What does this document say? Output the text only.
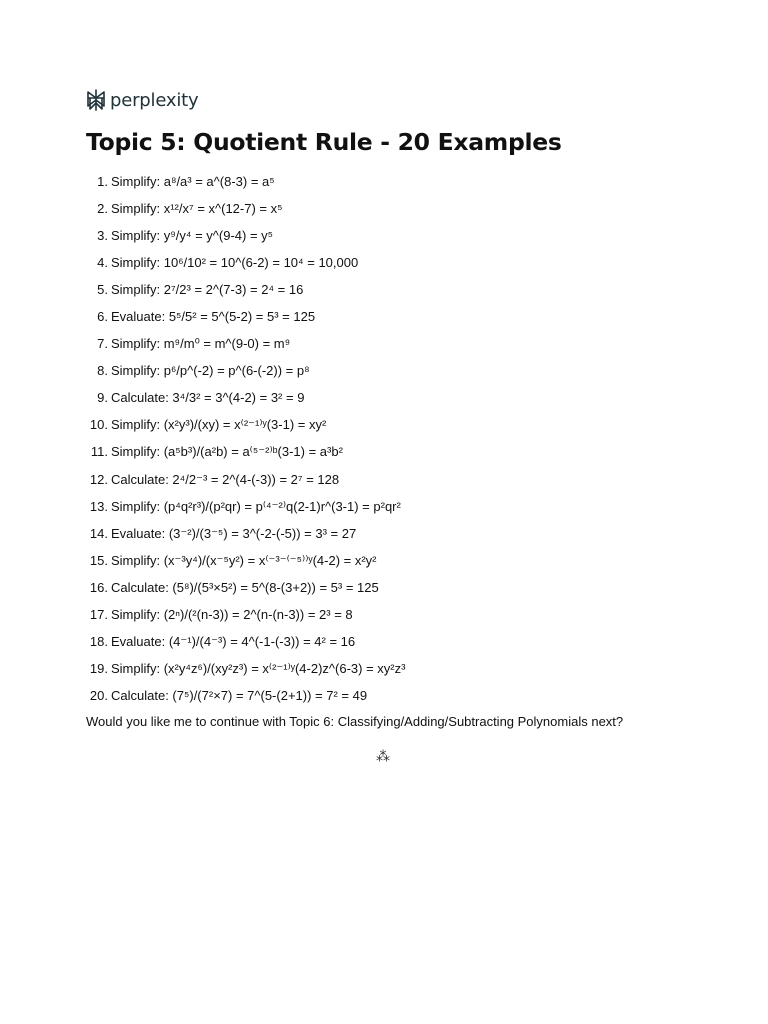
perplexity
Topic 5: Quotient Rule - 20 Examples
1. Simplify: a⁸/a³ = a^(8-3) = a⁵
2. Simplify: x¹²/x⁷ = x^(12-7) = x⁵
3. Simplify: y⁹/y⁴ = y^(9-4) = y⁵
4. Simplify: 10⁶/10² = 10^(6-2) = 10⁴ = 10,000
5. Simplify: 2⁷/2³ = 2^(7-3) = 2⁴ = 16
6. Evaluate: 5⁵/5² = 5^(5-2) = 5³ = 125
7. Simplify: m⁹/m⁰ = m^(9-0) = m⁹
8. Simplify: p⁶/p^(-2) = p^(6-(-2)) = p⁸
9. Calculate: 3⁴/3² = 3^(4-2) = 3² = 9
10. Simplify: (x²y³)/(xy) = x⁽²⁻¹⁾ʸ(3-1) = xy²
11. Simplify: (a⁵b³)/(a²b) = a⁽⁵⁻²⁾ᵇ(3-1) = a³b²
12. Calculate: 2⁴/2⁻³ = 2^(4-(-3)) = 2⁷ = 128
13. Simplify: (p⁴q²r³)/(p²qr) = p⁽⁴⁻²⁾q(2-1)r^(3-1) = p²qr²
14. Evaluate: (3⁻²)/(3⁻⁵) = 3^(-2-(-5)) = 3³ = 27
15. Simplify: (x⁻³y⁴)/(x⁻⁵y²) = x⁽⁻³⁻⁽⁻⁵⁾⁾ʸ(4-2) = x²y²
16. Calculate: (5⁸)/(5³×5²) = 5^(8-(3+2)) = 5³ = 125
17. Simplify: (2ⁿ)/(²(n-3)) = 2^(n-(n-3)) = 2³ = 8
18. Evaluate: (4⁻¹)/(4⁻³) = 4^(-1-(-3)) = 4² = 16
19. Simplify: (x²y⁴z⁶)/(xy²z³) = x⁽²⁻¹⁾ʸ(4-2)z^(6-3) = xy²z³
20. Calculate: (7⁵)/(7²×7) = 7^(5-(2+1)) = 7² = 49
Would you like me to continue with Topic 6: Classifying/Adding/Subtracting Polynomials next?
⁂
